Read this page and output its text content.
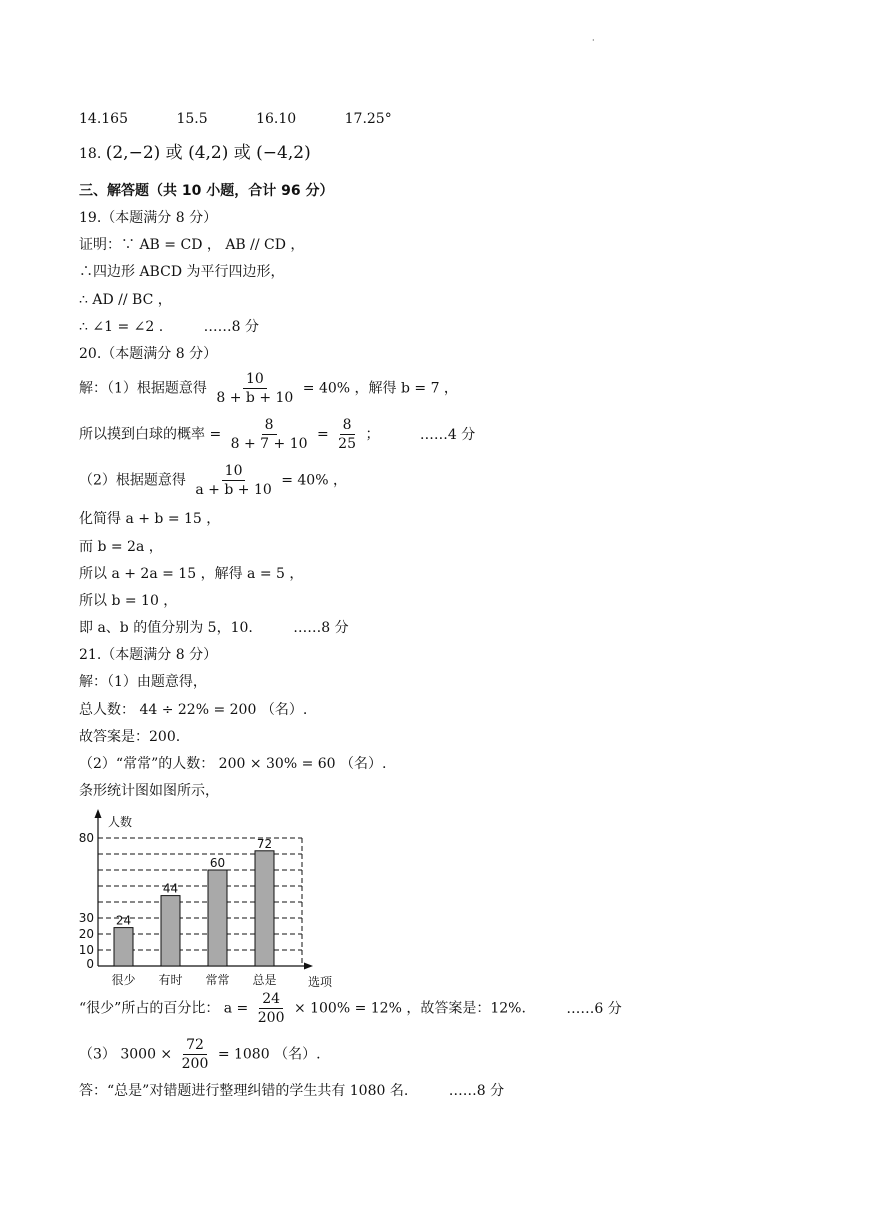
·
14.165	15.5	16.10	17.25°
18. (2,−2) 或 (4,2) 或 (−4,2)
三、解答题（共 10 小题，合计 96 分）
19.（本题满分 8 分）
证明：∵ AB = CD ， AB // CD ，
∴四边形 ABCD 为平行四边形，
∴ AD // BC ，
∴ ∠1 = ∠2 .	……8 分
20.（本题满分 8 分）
解：（1）根据题意得 $\frac{10}{8 + b + 10} = 40\%$ ，解得 b = 7 ，
所以摸到白球的概率 = $\frac{8}{8 + 7 + 10} = \frac{8}{25}$ ；	……4 分
（2）根据题意得 $\frac{10}{a + b + 10} = 40\%$ ，
化简得 a + b = 15 ，
而 b = 2a ，
所以 a + 2a = 15 ，解得 a = 5 ，
所以 b = 10 ，
即 a、b 的值分别为 5，10.	……8 分
21.（本题满分 8 分）
解：（1）由题意得，
总人数： 44 ÷ 22% = 200 （名）.
故答案是：200.
（2）“常常”的人数： 200 × 30% = 60 （名）.
条形统计图如图所示，
0
10
20
30
80
24
很少
44
有时
60
常常
72
总是
人数
选项
“很少”所占的百分比： $a = \frac{24}{200} \times 100\% = 12\%$ ，故答案是：12%.	……6 分
（3） $3000 \times \frac{72}{200} = 1080$ （名）.
答：“总是”对错题进行整理纠错的学生共有 1080 名.	……8 分
